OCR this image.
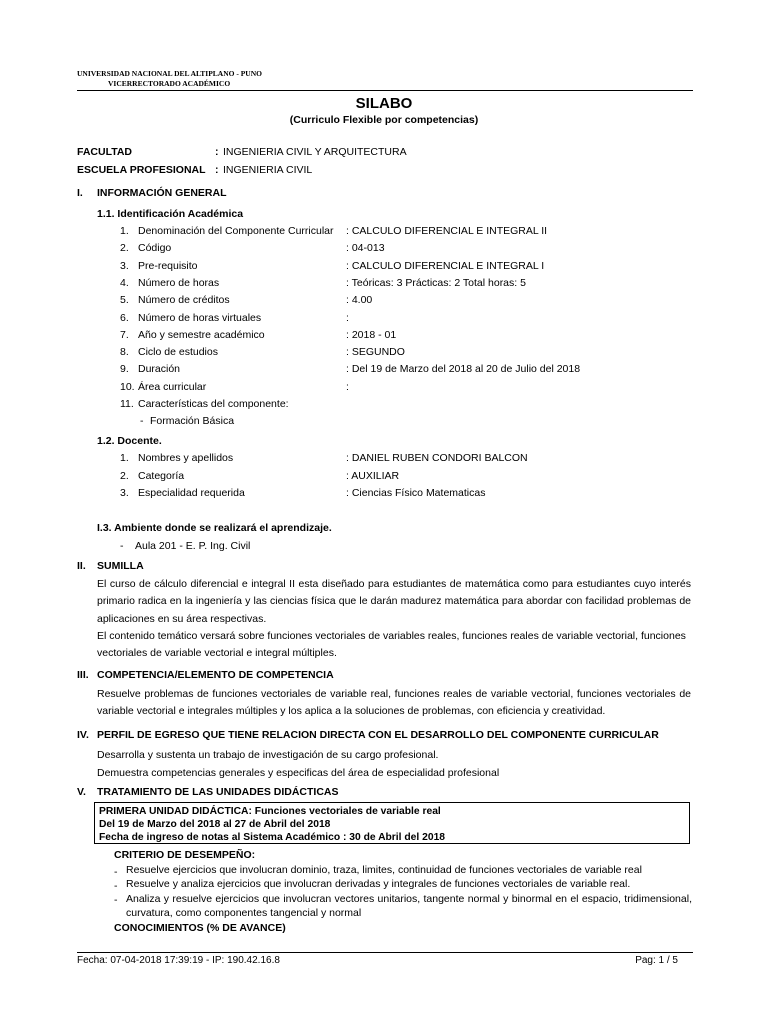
UNIVERSIDAD NACIONAL DEL ALTIPLANO - PUNO
VICERRECTORADO ACADÉMICO
SILABO
(Curriculo Flexible por competencias)
FACULTAD	: INGENIERIA CIVIL Y ARQUITECTURA
ESCUELA PROFESIONAL : INGENIERIA CIVIL
I. INFORMACIÓN GENERAL
1.1. Identificación Académica
1. Denominación del Componente Curricular : CALCULO DIFERENCIAL E INTEGRAL II
2. Código	: 04-013
3. Pre-requisito	: CALCULO DIFERENCIAL E INTEGRAL I
4. Número de horas	: Teóricas: 3 Prácticas: 2 Total horas: 5
5. Número de créditos	: 4.00
6. Número de horas virtuales	:
7. Año y semestre académico	: 2018 - 01
8. Ciclo de estudios	: SEGUNDO
9. Duración	: Del 19 de Marzo del 2018 al 20 de Julio del 2018
10. Área curricular	:
11. Características del componente:
- Formación Básica
1.2. Docente.
1. Nombres y apellidos	: DANIEL RUBEN CONDORI BALCON
2. Categoría	: AUXILIAR
3. Especialidad requerida	: Ciencias Físico Matematicas
I.3. Ambiente donde se realizará el aprendizaje.
- Aula 201 - E. P. Ing. Civil
II. SUMILLA
El curso de cálculo diferencial e integral II esta diseñado para estudiantes de matemática como para estudiantes cuyo interés primario radica en la ingeniería y las ciencias física que le darán madurez matemática para abordar con facilidad problemas de aplicaciones en su área respectivas.
El contenido temático versará sobre funciones vectoriales de variables reales, funciones reales de variable vectorial, funciones vectoriales de variable vectorial e integral múltiples.
III. COMPETENCIA/ELEMENTO DE COMPETENCIA
Resuelve problemas de funciones vectoriales de variable real, funciones reales de variable vectorial, funciones vectoriales de variable vectorial e integrales múltiples y los aplica a la soluciones de problemas, con eficiencia y creatividad.
IV. PERFIL DE EGRESO QUE TIENE RELACION DIRECTA CON EL DESARROLLO DEL COMPONENTE CURRICULAR
Desarrolla y sustenta un trabajo de investigación de su cargo profesional.
Demuestra competencias generales y especificas del área de especialidad profesional
V. TRATAMIENTO DE LAS UNIDADES DIDÁCTICAS
PRIMERA UNIDAD DIDÁCTICA: Funciones vectoriales de variable real
Del 19 de Marzo del 2018 al 27 de Abril del 2018
Fecha de ingreso de notas al Sistema Académico : 30 de Abril del 2018
CRITERIO DE DESEMPEÑO:
- Resuelve ejercicios que involucran dominio, traza, limites, continuidad de funciones vectoriales de variable real
- Resuelve y analiza ejercicios que involucran derivadas y integrales de funciones vectoriales de variable real.
- Analiza y resuelve ejercicios que involucran vectores unitarios, tangente normal y binormal en el espacio, tridimensional, curvatura, como componentes tangencial y normal
CONOCIMIENTOS (% DE AVANCE)
Fecha: 07-04-2018 17:39:19 - IP: 190.42.16.8	Pag: 1 / 5
